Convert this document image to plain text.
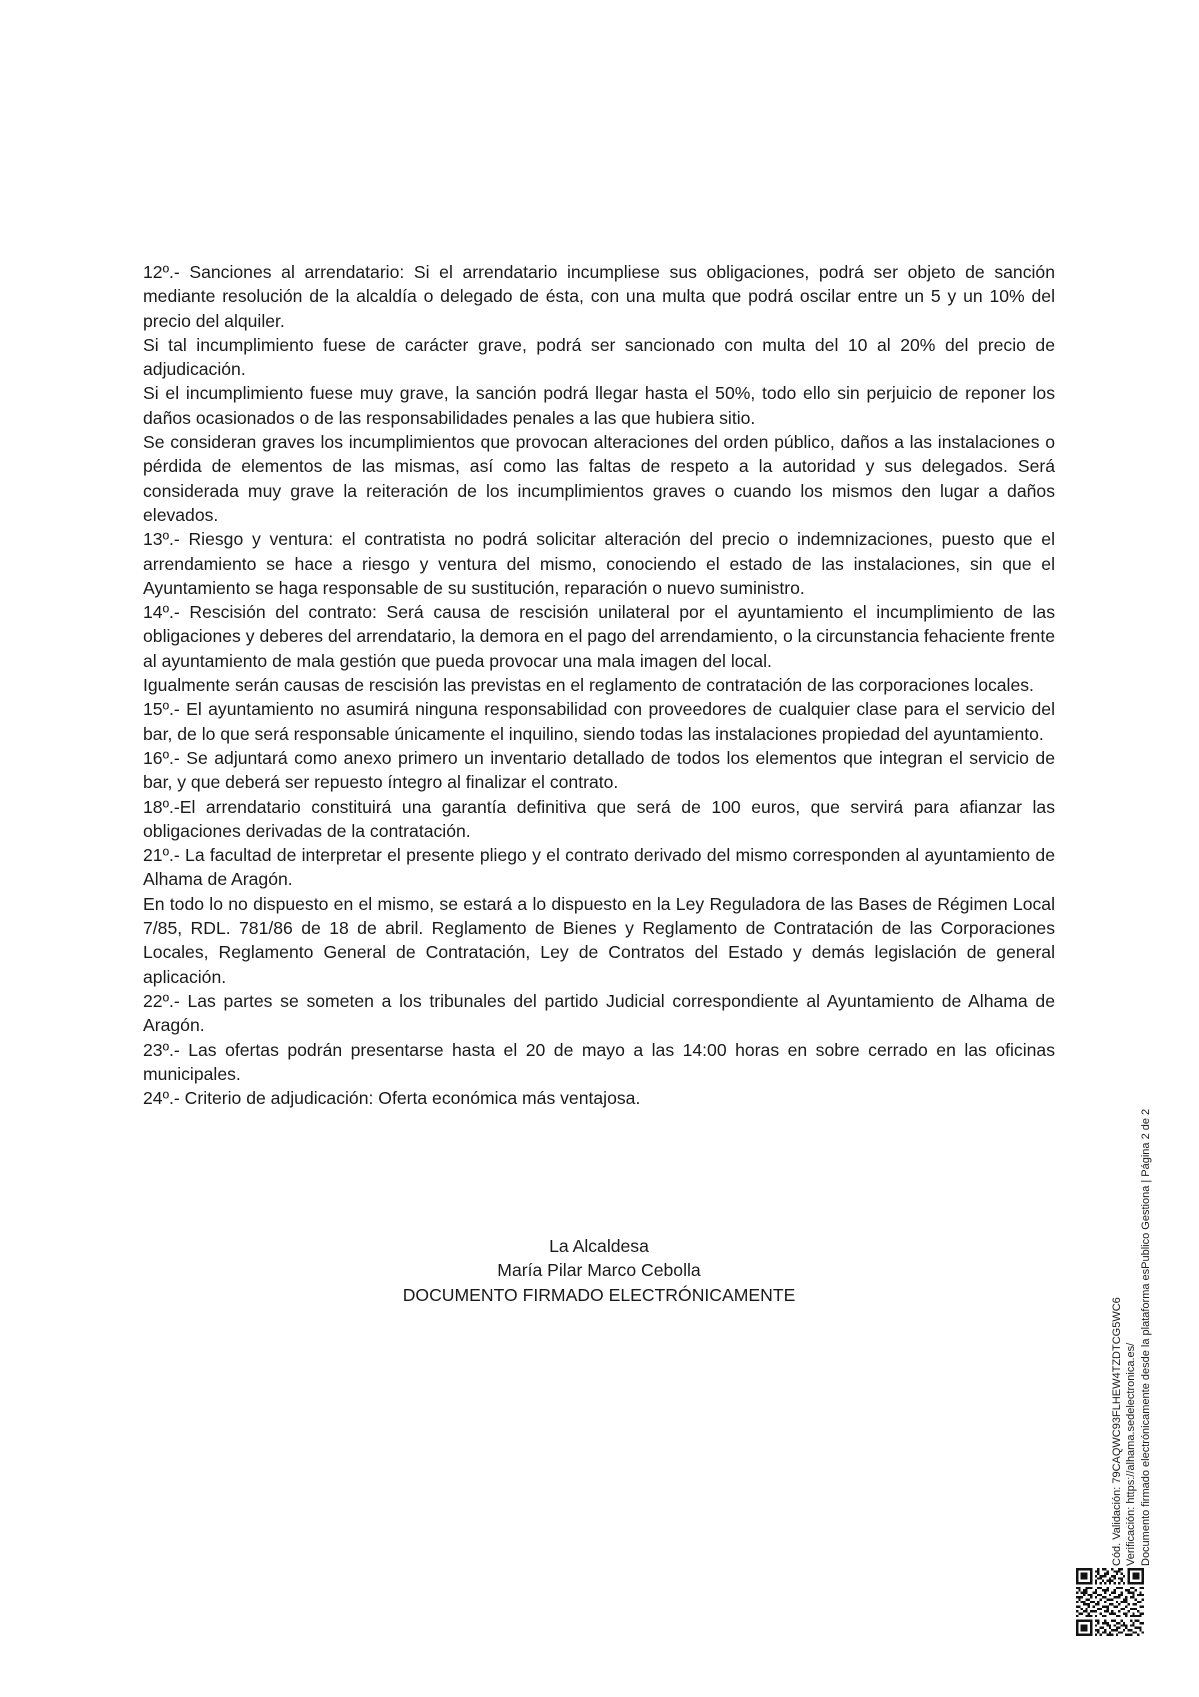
12º.- Sanciones al arrendatario: Si el arrendatario incumpliese sus obligaciones, podrá ser objeto de sanción mediante resolución de la alcaldía o delegado de ésta, con una multa que podrá oscilar entre un 5 y un 10% del precio del alquiler.

Si tal incumplimiento fuese de carácter grave, podrá ser sancionado con multa del 10 al 20% del precio de adjudicación.

Si el incumplimiento fuese muy grave, la sanción podrá llegar hasta el 50%, todo ello sin perjuicio de reponer los daños ocasionados o de las responsabilidades penales a las que hubiera sitio.

Se consideran graves los incumplimientos que provocan alteraciones del orden público, daños a las instalaciones o pérdida de elementos de las mismas, así como las faltas de respeto a la autoridad y sus delegados. Será considerada muy grave la reiteración de los incumplimientos graves o cuando los mismos den lugar a daños elevados.

13º.- Riesgo y ventura: el contratista no podrá solicitar alteración del precio o indemnizaciones, puesto que el arrendamiento se hace a riesgo y ventura del mismo, conociendo el estado de las instalaciones, sin que el Ayuntamiento se haga responsable de su sustitución, reparación o nuevo suministro.

14º.- Rescisión del contrato: Será causa de rescisión unilateral por el ayuntamiento el incumplimiento de las obligaciones y deberes del arrendatario, la demora en el pago del arrendamiento, o la circunstancia fehaciente frente al ayuntamiento de mala gestión que pueda provocar una mala imagen del local.

Igualmente serán causas de rescisión las previstas en el reglamento de contratación de las corporaciones locales.

15º.- El ayuntamiento no asumirá ninguna responsabilidad con proveedores de cualquier clase para el servicio del bar, de lo que será responsable únicamente el inquilino, siendo todas las instalaciones propiedad del ayuntamiento.

16º.- Se adjuntará como anexo primero un inventario detallado de todos los elementos que integran el servicio de bar, y que deberá ser repuesto íntegro al finalizar el contrato.

18º.-El arrendatario constituirá una garantía definitiva que será de 100 euros, que servirá para afianzar las obligaciones derivadas de la contratación.

21º.- La facultad de interpretar el presente pliego y el contrato derivado del mismo corresponden al ayuntamiento de Alhama de Aragón.

En todo lo no dispuesto en el mismo, se estará a lo dispuesto en la Ley Reguladora de las Bases de Régimen Local 7/85, RDL. 781/86 de 18 de abril. Reglamento de Bienes y Reglamento de Contratación de las Corporaciones Locales, Reglamento General de Contratación, Ley de Contratos del Estado y demás legislación de general aplicación.

22º.- Las partes se someten a los tribunales del partido Judicial correspondiente al Ayuntamiento de Alhama de Aragón.

23º.- Las ofertas podrán presentarse hasta el 20 de mayo a las 14:00 horas en sobre cerrado en las oficinas municipales.

24º.- Criterio de adjudicación: Oferta económica más ventajosa.

La Alcaldesa
María Pilar Marco Cebolla
DOCUMENTO FIRMADO ELECTRÓNICAMENTE
Cód. Validación: 79CAQWC93FLHEW4TZDTCG5WC6 Verificación: https://alhama.sedelectronica.es/ Documento firmado electrónicamente desde la plataforma esPublico Gestiona | Página 2 de 2
